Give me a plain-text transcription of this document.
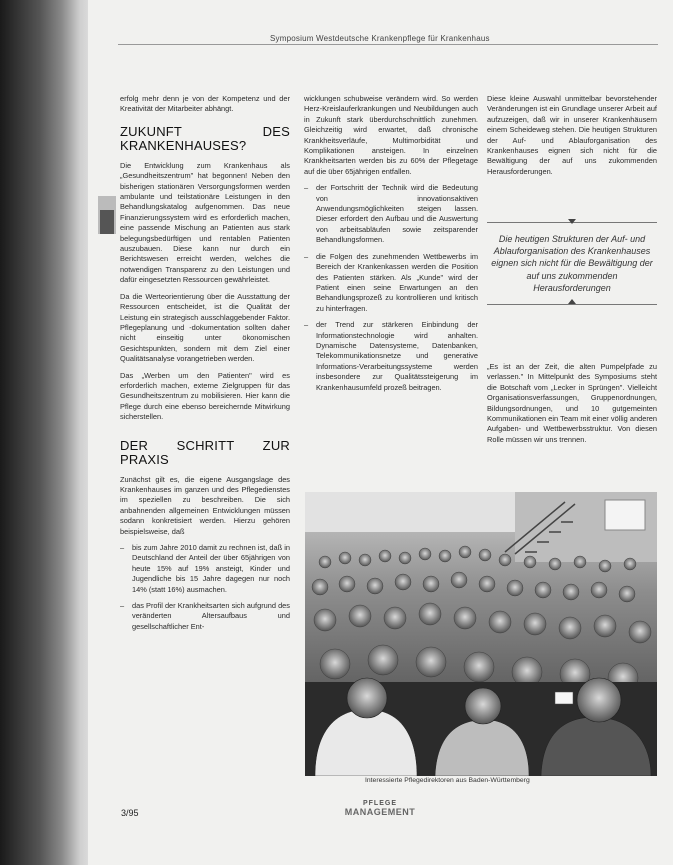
Symposium Westdeutsche Krankenpflege für Krankenhaus

erfolg mehr denn je von der Kompetenz und der Kreativität der Mitarbeiter abhängt.

ZUKUNFT DES KRANKENHAUSES?

Die Entwicklung zum Krankenhaus als „Gesundheitszentrum" hat begonnen! Neben den bisherigen stationären Versorgungsformen werden ambulante und teilstationäre Leistungen in den Behandlungskatalog aufgenommen. Das neue Finanzierungssystem wird es erforderlich machen, eine passende Mischung an Patienten aus stark belegungsbedürftigen und rentablen Patienten auszubauen. Diese kann nur durch ein Berichtswesen erreicht werden, welches die notwendigen Transparenz zu den Leistungen und dafür eingesetzten Ressourcen gewährleistet.

Da die Werteorientierung über die Ausstattung der Ressourcen entscheidet, ist die Qualität der Leistung ein strategisch ausschlaggebender Faktor. Pflegeplanung und -dokumentation sollten daher nicht einseitig unter ökonomischen Gesichtspunkten, sondern mit dem Ziel einer Qualitätsanalyse vorangetrieben werden.

Das „Werben um den Patienten" wird es erforderlich machen, externe Zielgruppen für das Gesundheitszentrum zu mobilisieren. Hier kann die Pflege durch eine ebenso bereichernde Mitwirkung sicherstellen.

DER SCHRITT ZUR PRAXIS

Zunächst gilt es, die eigene Ausgangslage des Krankenhauses im ganzen und des Pflegedienstes im speziellen zu beschreiben. Die sich anbahnenden allgemeinen Entwicklungen müssen sodann konkretisiert werden. Hierzu gehören beispielsweise, daß

– bis zum Jahre 2010 damit zu rechnen ist, daß in Deutschland der Anteil der über 65jährigen von heute 15% auf 19% ansteigt, Kinder und Jugendliche bis 15 Jahre dagegen nur noch 14% (statt 16%) ausmachen.

– das Profil der Krankheitsarten sich aufgrund des veränderten Altersaufbaus und gesellschaftlicher Ent-

wicklungen schubweise verändern wird. So werden Herz-Kreislauferkrankungen und Neubildungen auch in Zukunft stark überdurchschnittlich zunehmen. Gleichzeitig wird erwartet, daß chronische Krankheitsverläufe, Multimorbidität und Komplikationen ansteigen. In einzelnen Krankheitsarten werden bis zu 60% der Pflegetage auf die über 65jährigen entfallen.

– der Fortschritt der Technik wird die Bedeutung von innovationsaktiven Anwendungsmöglichkeiten steigen lassen. Dieser erfordert den Aufbau und die Auswertung von arbeitsabläufen sowie zeitsparender Behandlungsformen.

– die Folgen des zunehmenden Wettbewerbs im Bereich der Krankenkassen werden die Position des Patienten stärken. Als „Kunde" wird der Patient einen seine Erwartungen an den Behandlungsprozeß zu kontrollieren und kritisch zu hinterfragen.

– der Trend zur stärkeren Einbindung der Informationstechnologie wird anhalten. Dynamische Datensysteme, Datenbanken, Telekommunikationsnetze und generative Informations-Verarbeitungssysteme werden insbesondere zur Qualitätssteigerung im Krankenhausumfeld prozeß beitragen.

Diese kleine Auswahl unmittelbar bevorstehender Veränderungen ist ein Grundlage unserer Arbeit auf aufzuzeigen, daß wir in unserer Krankenhäusern einem Scheideweg stehen. Die heutigen Strukturen der Auf- und Ablauforganisation des Krankenhauses eignen sich nicht für die Bewältigung der auf uns zukommenden Herausforderungen.

Die heutigen Strukturen der Auf- und Ablauforganisation des Krankenhauses eignen sich nicht für die Bewältigung der auf uns zukommenden Herausforderungen

„Es ist an der Zeit, die alten Pumpelpfade zu verlassen." In Mittelpunkt des Symposiums steht die Botschaft vom „Lecker in Sprüngen". Vielleicht Organisationsverfassungen, Gruppenordnungen, Bildungsordnungen, und 10 gutgemeinten Kommunikationen ein Team mit einer völlig anderen Aufgaben- und Wettbewerbsstruktur. Von diesen Rolle müssen wir uns trennen.

Interessierte Pflegedirektoren aus Baden-Württemberg
3/95
PFLEGE
MANAGEMENT
